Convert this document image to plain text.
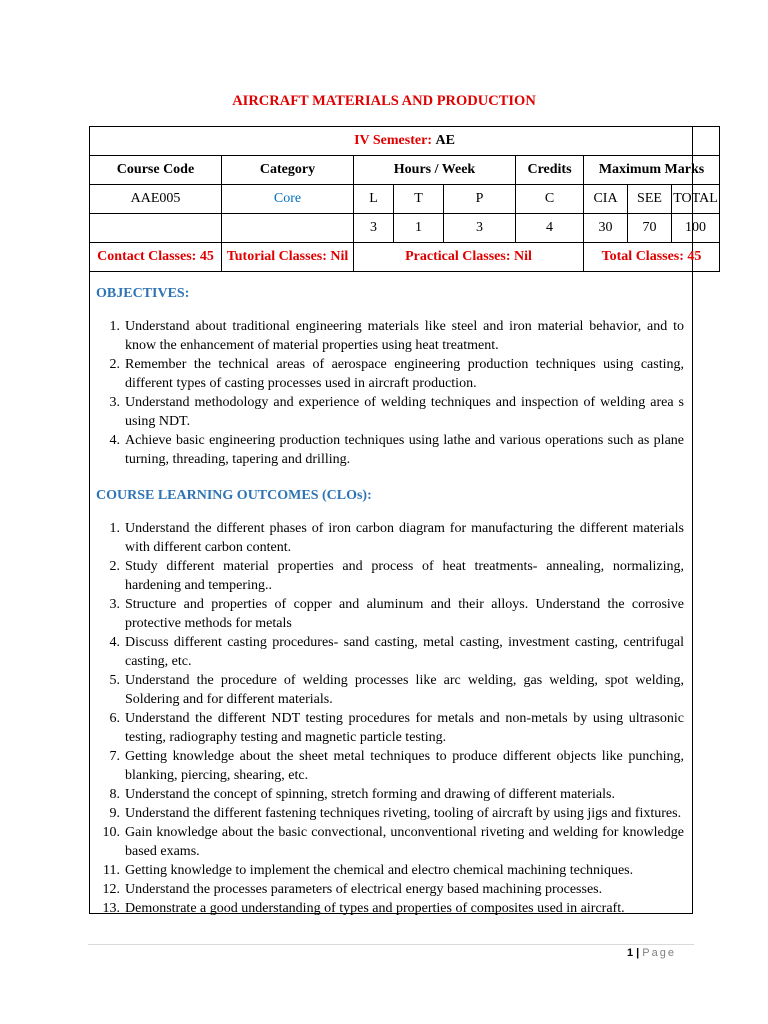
AIRCRAFT MATERIALS AND PRODUCTION
IV Semester: AE								
Course Code	Category	Hours / Week			Credits	Maximum Marks		
AAE005	Core	L	T	P	C	CIA	SEE	TOTAL
		3	1	3	4	30	70	100
Contact Classes: 45	Tutorial Classes: Nil	Practical Classes: Nil				Total Classes: 45		
OBJECTIVES:
1. Understand about traditional engineering materials like steel and iron material behavior, and to know the enhancement of material properties using heat treatment.
2. Remember the technical areas of aerospace engineering production techniques using casting, different types of casting processes used in aircraft production.
3. Understand methodology and experience of welding techniques and inspection of welding area s using NDT.
4. Achieve basic engineering production techniques using lathe and various operations such as plane turning, threading, tapering and drilling.
COURSE LEARNING OUTCOMES (CLOs):
1. Understand the different phases of iron carbon diagram for manufacturing the different materials with different carbon content.
2. Study different material properties and process of heat treatments- annealing, normalizing, hardening and tempering..
3. Structure and properties of copper and aluminum and their alloys. Understand the corrosive protective methods for metals
4. Discuss different casting procedures- sand casting, metal casting, investment casting, centrifugal casting, etc.
5. Understand the procedure of welding processes like arc welding, gas welding, spot welding, Soldering and for different materials.
6. Understand the different NDT testing procedures for metals and non-metals by using ultrasonic testing, radiography testing and magnetic particle testing.
7. Getting knowledge about the sheet metal techniques to produce different objects like punching, blanking, piercing, shearing, etc.
8. Understand the concept of spinning, stretch forming and drawing of different materials.
9. Understand the different fastening techniques riveting, tooling of aircraft by using jigs and fixtures.
10. Gain knowledge about the basic convectional, unconventional riveting and welding for knowledge based exams.
11. Getting knowledge to implement the chemical and electro chemical machining techniques.
12. Understand the processes parameters of electrical energy based machining processes.
13. Demonstrate a good understanding of types and properties of composites used in aircraft.
1 | Page
